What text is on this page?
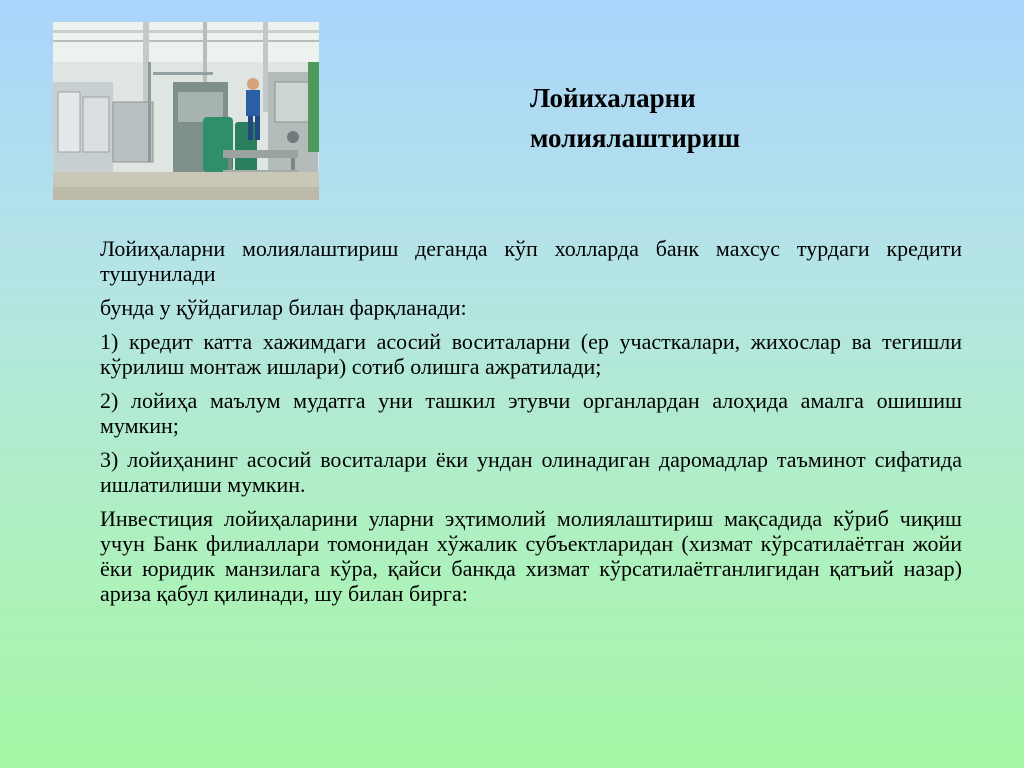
Лойихаларни
молиялаштириш

Лойиҳаларни молиялаштириш деганда кўп холларда банк махсус турдаги кредити тушунилади

бунда у қўйдагилар билан фарқланади:

1) кредит катта хажимдаги асосий воситаларни (ер участкалари, жихослар ва тегишли кўрилиш монтаж ишлари) сотиб олишга ажратилади;

2) лойиҳа маълум мудатга уни ташкил этувчи органлардан алоҳида амалга ошишиш мумкин;

3) лойиҳанинг асосий воситалари ёки ундан олинадиган даромадлар таъминот сифатида ишлатилиши мумкин.

Инвестиция лойиҳаларини уларни эҳтимолий молиялаштириш мақсадида кўриб чиқиш учун Банк филиаллари томонидан хўжалик субъектларидан (хизмат кўрсатилаётган жойи ёки юридик манзилага кўра, қайси банкда хизмат кўрсатилаётганлигидан қатъий назар) ариза қабул қилинади, шу билан бирга:
